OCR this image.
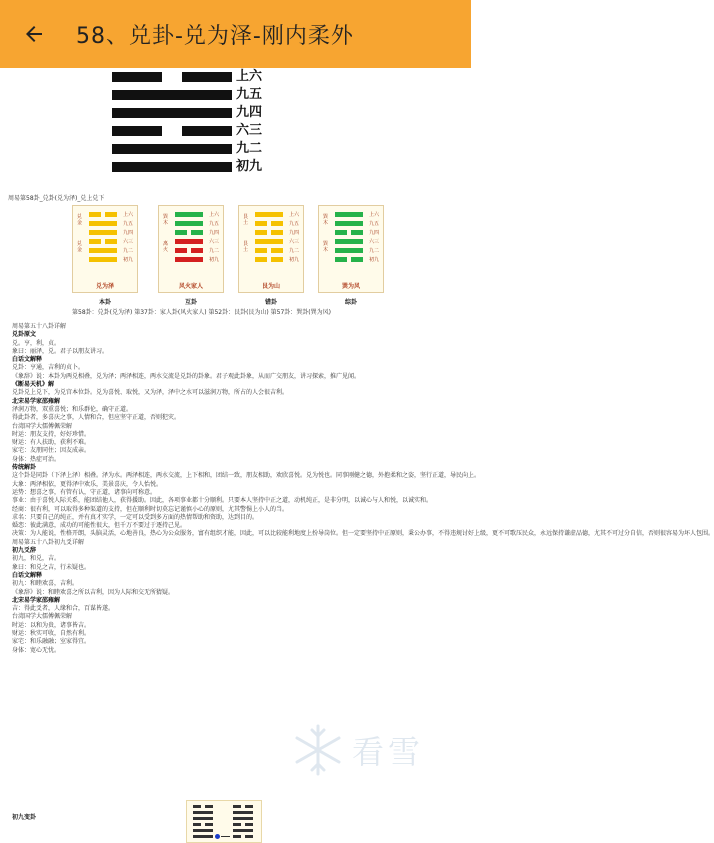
58、兑卦-兑为泽-刚内柔外
上六
九五
九四
六三
九二
初九
周易第58卦_兑卦(兑为泽)_兑上兑下
上六
九五
九四
六三
九二
初九
兑金
兑金
兑为泽
本卦
上六
九五
九四
六三
九二
初九
巽木
离火
风火家人
互卦
上六
九五
九四
六三
九二
初九
艮土
艮土
艮为山
错卦
上六
九五
九四
六三
九二
初九
巽木
巽木
巽为风
综卦
第58卦：兑卦(兑为泽) 第37卦：家人卦(风火家人) 第52卦：艮卦(艮为山) 第57卦：巽卦(巽为风)
周易第五十八卦详解
兑卦原文
兑。亨，利，贞。
象曰：丽泽，兑。君子以朋友讲习。
白话文解释
兑卦：亨通，吉利的贞卜。
《象辞》说：本卦为两兑相叠，兑为泽；两泽相连，两水交流是兑卦的卦象。君子观此卦象，从而广交朋友，讲习探索，推广见闻。
《断易天机》解
兑卦兑上兑下，为兑宫本位卦。兑为喜悦、取悦，又为泽，泽中之水可以滋润万物，所占的人会很吉利。
北宋易学家邵雍解
泽润万物，双重喜悦；和乐群伦，确守正道。
得此卦者，多喜庆之事，人情和合，但应坚守正道，否则犯灾。
台湾国学大儒傅佩荣解
时运：朋友支持，好好珍惜。
财运：有人扶助，获利不难。
家宅：友朋同住；因友成亲。
身体：热症可治。
传统解卦
这个卦是同卦（下泽上泽）相叠。泽为水。两泽相连，两水交流，上下相和，团结一致，朋友相助，欢欣喜悦。兑为悦也。同事刚健之德，外抱柔和之姿，坚行正道，导民向上。
大象：两泽相依，更得泽中欢乐，美景喜庆，令人怡悦。
运势：想喜之事，有管有认，守正道，诸事向可称意。
事业：由于喜悦人际关系，能团结他人，获得援助。因此，各项事业都十分顺利。只要本人坚持中正之道，动机纯正，是非分明，以诚心与人和悦，以诚实和。
经商：很有利，可以取得多种渠道的支持，但在顺利时切莫忘记谨慎小心的原则，尤其警惕上小人的当。
求名：只要自己的纯正，并有真才实学，一定可以受到多方面的热情帮助和资助，达到目的。
婚恋：彼此满意，成功的可能性很大，但千万不要过于逐持己见。
决策：为人能说，性格开朗，头脑灵活，心地善良，热心为公众服务，富有组织才能，因此，可以比较能利地度上扮导岗位。但一定要坚持中正原则，秉公办事，不得违规讨好上级，更不可歌压民众，永远保持谦虚品德，尤其不可过分自信，否则很容易为坏人包围。
周易第五十八卦初九爻详解
初九爻辞
初九，和兑，吉。
象曰：和兑之吉，行未疑也。
白话文解释
初九：和睦欢喜，吉利。
《象辞》说：和睦欢喜之所以吉利，因为人际和交无所猜疑。
北宋易学家邵雍解
吉：得此爻者，人缘和合，百谋皆遂。
台湾国学大儒傅佩荣解
时运：以和为贵，诸事皆吉。
财运：秋实可收，自然有利。
家宅：和乐融融；室家得宜。
身体：宽心无忧。
看雪
初九变卦
